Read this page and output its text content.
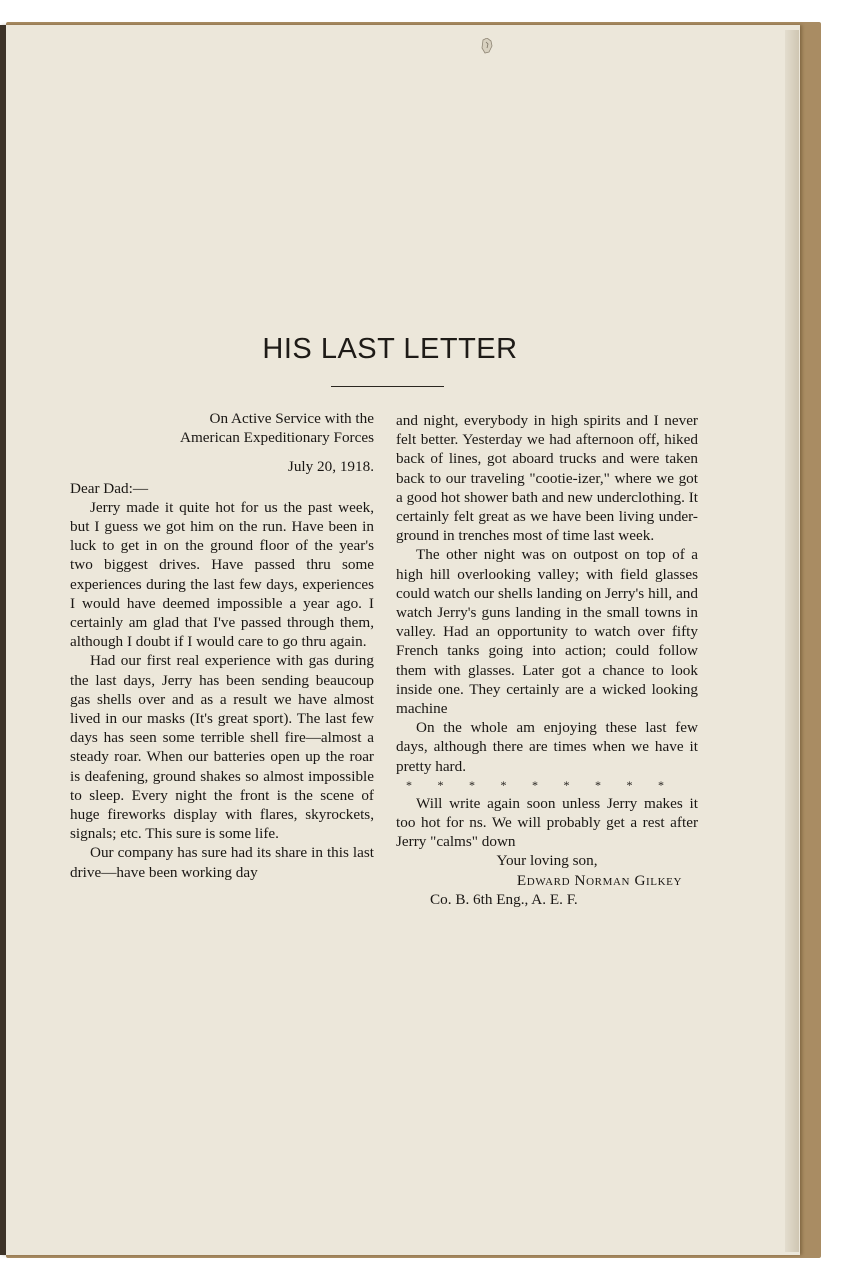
HIS LAST LETTER
On Active Service with the
American Expeditionary Forces
July 20, 1918.
Dear Dad:—

Jerry made it quite hot for us the past week, but I guess we got him on the run. Have been in luck to get in on the ground floor of the year's two biggest drives. Have passed thru some experiences during the last few days, experiences I would have deemed impossible a year ago. I certainly am glad that I've passed through them, although I doubt if I would care to go thru again.

Had our first real experience with gas during the last days, Jerry has been sending beaucoup gas shells over and as a result we have almost lived in our masks (It's great sport). The last few days has seen some terrible shell fire—almost a steady roar. When our batteries open up the roar is deafening, ground shakes so almost impossible to sleep. Every night the front is the scene of huge fireworks display with flares, skyrockets, signals; etc. This sure is some life.

Our company has sure had its share in this last drive—have been working day

and night, everybody in high spirits and I never felt better. Yesterday we had afternoon off, hiked back of lines, got aboard trucks and were taken back to our traveling "cootie-izer," where we got a good hot shower bath and new underclothing. It certainly felt great as we have been living under-ground in trenches most of time last week.

The other night was on outpost on top of a high hill overlooking valley; with field glasses could watch our shells landing on Jerry's hill, and watch Jerry's guns landing in the small towns in valley. Had an opportunity to watch over fifty French tanks going into action; could follow them with glasses. Later got a chance to look inside one. They certainly are a wicked looking machine

On the whole am enjoying these last few days, although there are times when we have it pretty hard.

* * * * * * * * *

Will write again soon unless Jerry makes it too hot for ns. We will probably get a rest after Jerry "calms" down

Your loving son,
Edward Norman Gilkey

Co. B. 6th Eng., A. E. F.
